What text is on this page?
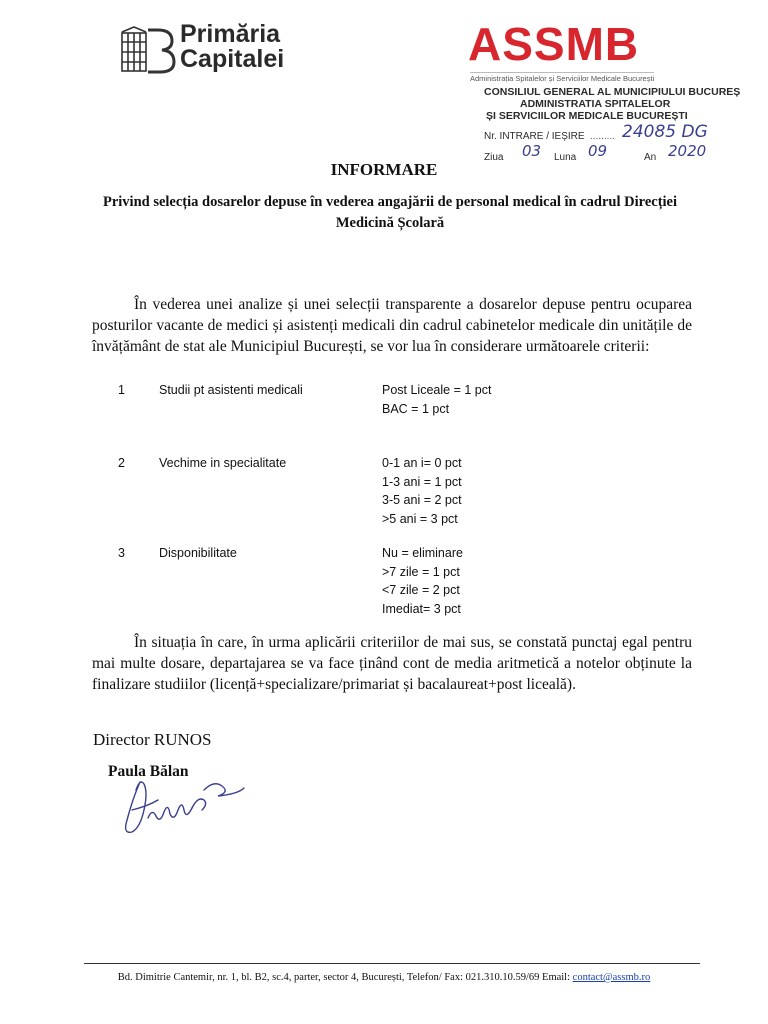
Primăria
Capitalei	ASSMB
Administrația Spitalelor și Serviciilor Medicale București
CONSILIUL GENERAL AL MUNICIPIULUI BUCUREȘ
ADMINISTRATIA SPITALELOR
ȘI SERVICIILOR MEDICALE BUCUREȘTI
Nr. INTRARE / IEȘIRE ......... 24085 DG
Ziua 03 Luna 09	An 2020
INFORMARE
Privind selecția dosarelor depuse în vederea angajării de personal medical în cadrul Direcției Medicină Școlară
În vederea unei analize și unei selecții transparente a dosarelor depuse pentru ocuparea posturilor vacante de medici și asistenți medicali din cadrul cabinetelor medicale din unitățile de învățământ de stat ale Municipiul București, se vor lua în considerare următoarele criterii:
1	Studii pt asistenti medicali	Post Liceale = 1 pct
BAC = 1 pct
2	Vechime in specialitate	0-1 an i= 0 pct
1-3 ani = 1 pct
3-5 ani = 2 pct
>5 ani = 3 pct
3	Disponibilitate	Nu = eliminare
>7 zile = 1 pct
<7 zile = 2 pct
Imediat= 3 pct
În situația în care, în urma aplicării criteriilor de mai sus, se constată punctaj egal pentru mai multe dosare, departajarea se va face ținând cont de media aritmetică a notelor obținute la finalizare studiilor (licență+specializare/primariat și bacalaureat+post liceală).
Director RUNOS
Paula Bălan
Bd. Dimitrie Cantemir, nr. 1, bl. B2, sc.4, parter, sector 4, București, Telefon/ Fax: 021.310.10.59/69 Email: contact@assmb.ro
